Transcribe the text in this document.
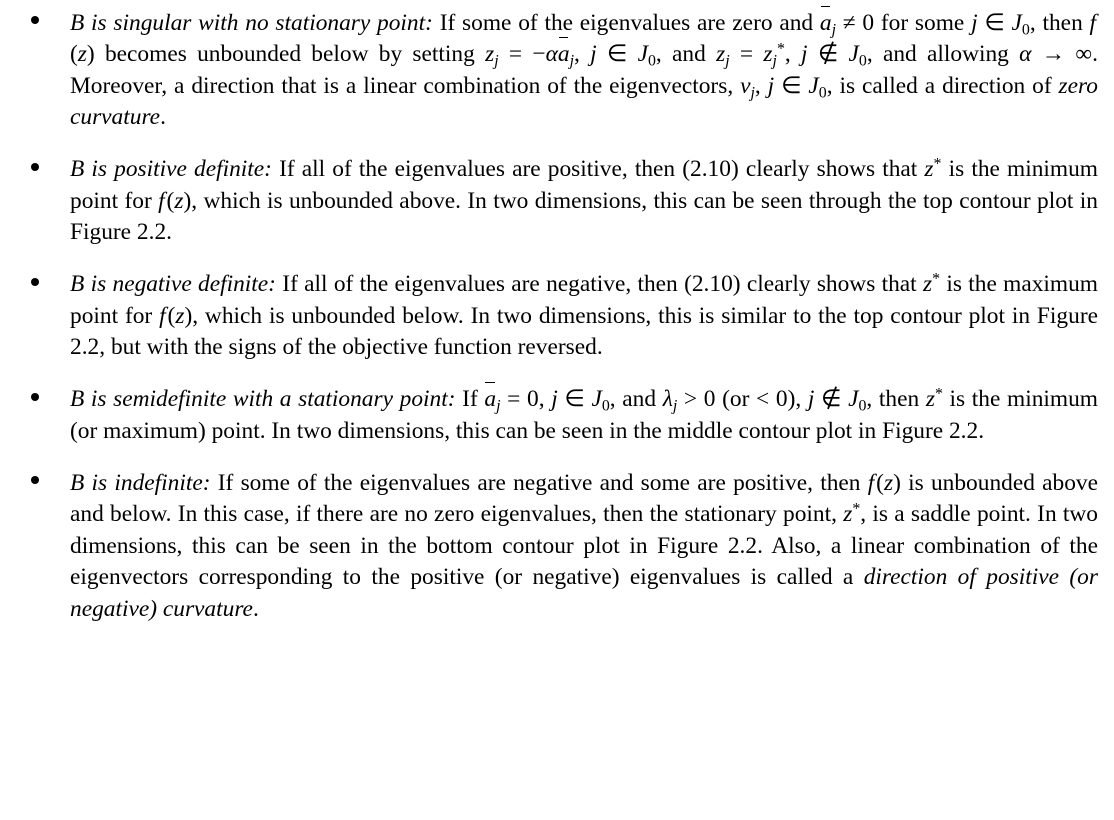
B is singular with no stationary point: If some of the eigenvalues are zero and $a_j \ne 0$ for some j ∈ $J_0$, then f (z) becomes unbounded below by setting $z_j = -\alpha a_j$, j ∈ $J_0$, and $z_j = z_j^*$, j ∉ $J_0$, and allowing α → ∞. Moreover, a direction that is a linear combination of the eigenvectors, $v_j$, j ∈ $J_0$, is called a direction of zero curvature.
B is positive definite: If all of the eigenvalues are positive, then (2.10) clearly shows that z* is the minimum point for f (z), which is unbounded above. In two dimensions, this can be seen through the top contour plot in Figure 2.2.
B is negative definite: If all of the eigenvalues are negative, then (2.10) clearly shows that z* is the maximum point for f (z), which is unbounded below. In two dimensions, this is similar to the top contour plot in Figure 2.2, but with the signs of the objective function reversed.
B is semidefinite with a stationary point: If $a_j = 0$, j ∈ $J_0$, and $\lambda_j > 0$ (or < 0), j ∉ $J_0$, then z* is the minimum (or maximum) point. In two dimensions, this can be seen in the middle contour plot in Figure 2.2.
B is indefinite: If some of the eigenvalues are negative and some are positive, then f (z) is unbounded above and below. In this case, if there are no zero eigenvalues, then the stationary point, z*, is a saddle point. In two dimensions, this can be seen in the bottom contour plot in Figure 2.2. Also, a linear combination of the eigenvectors corresponding to the positive (or negative) eigenvalues is called a direction of positive (or negative) curvature.
